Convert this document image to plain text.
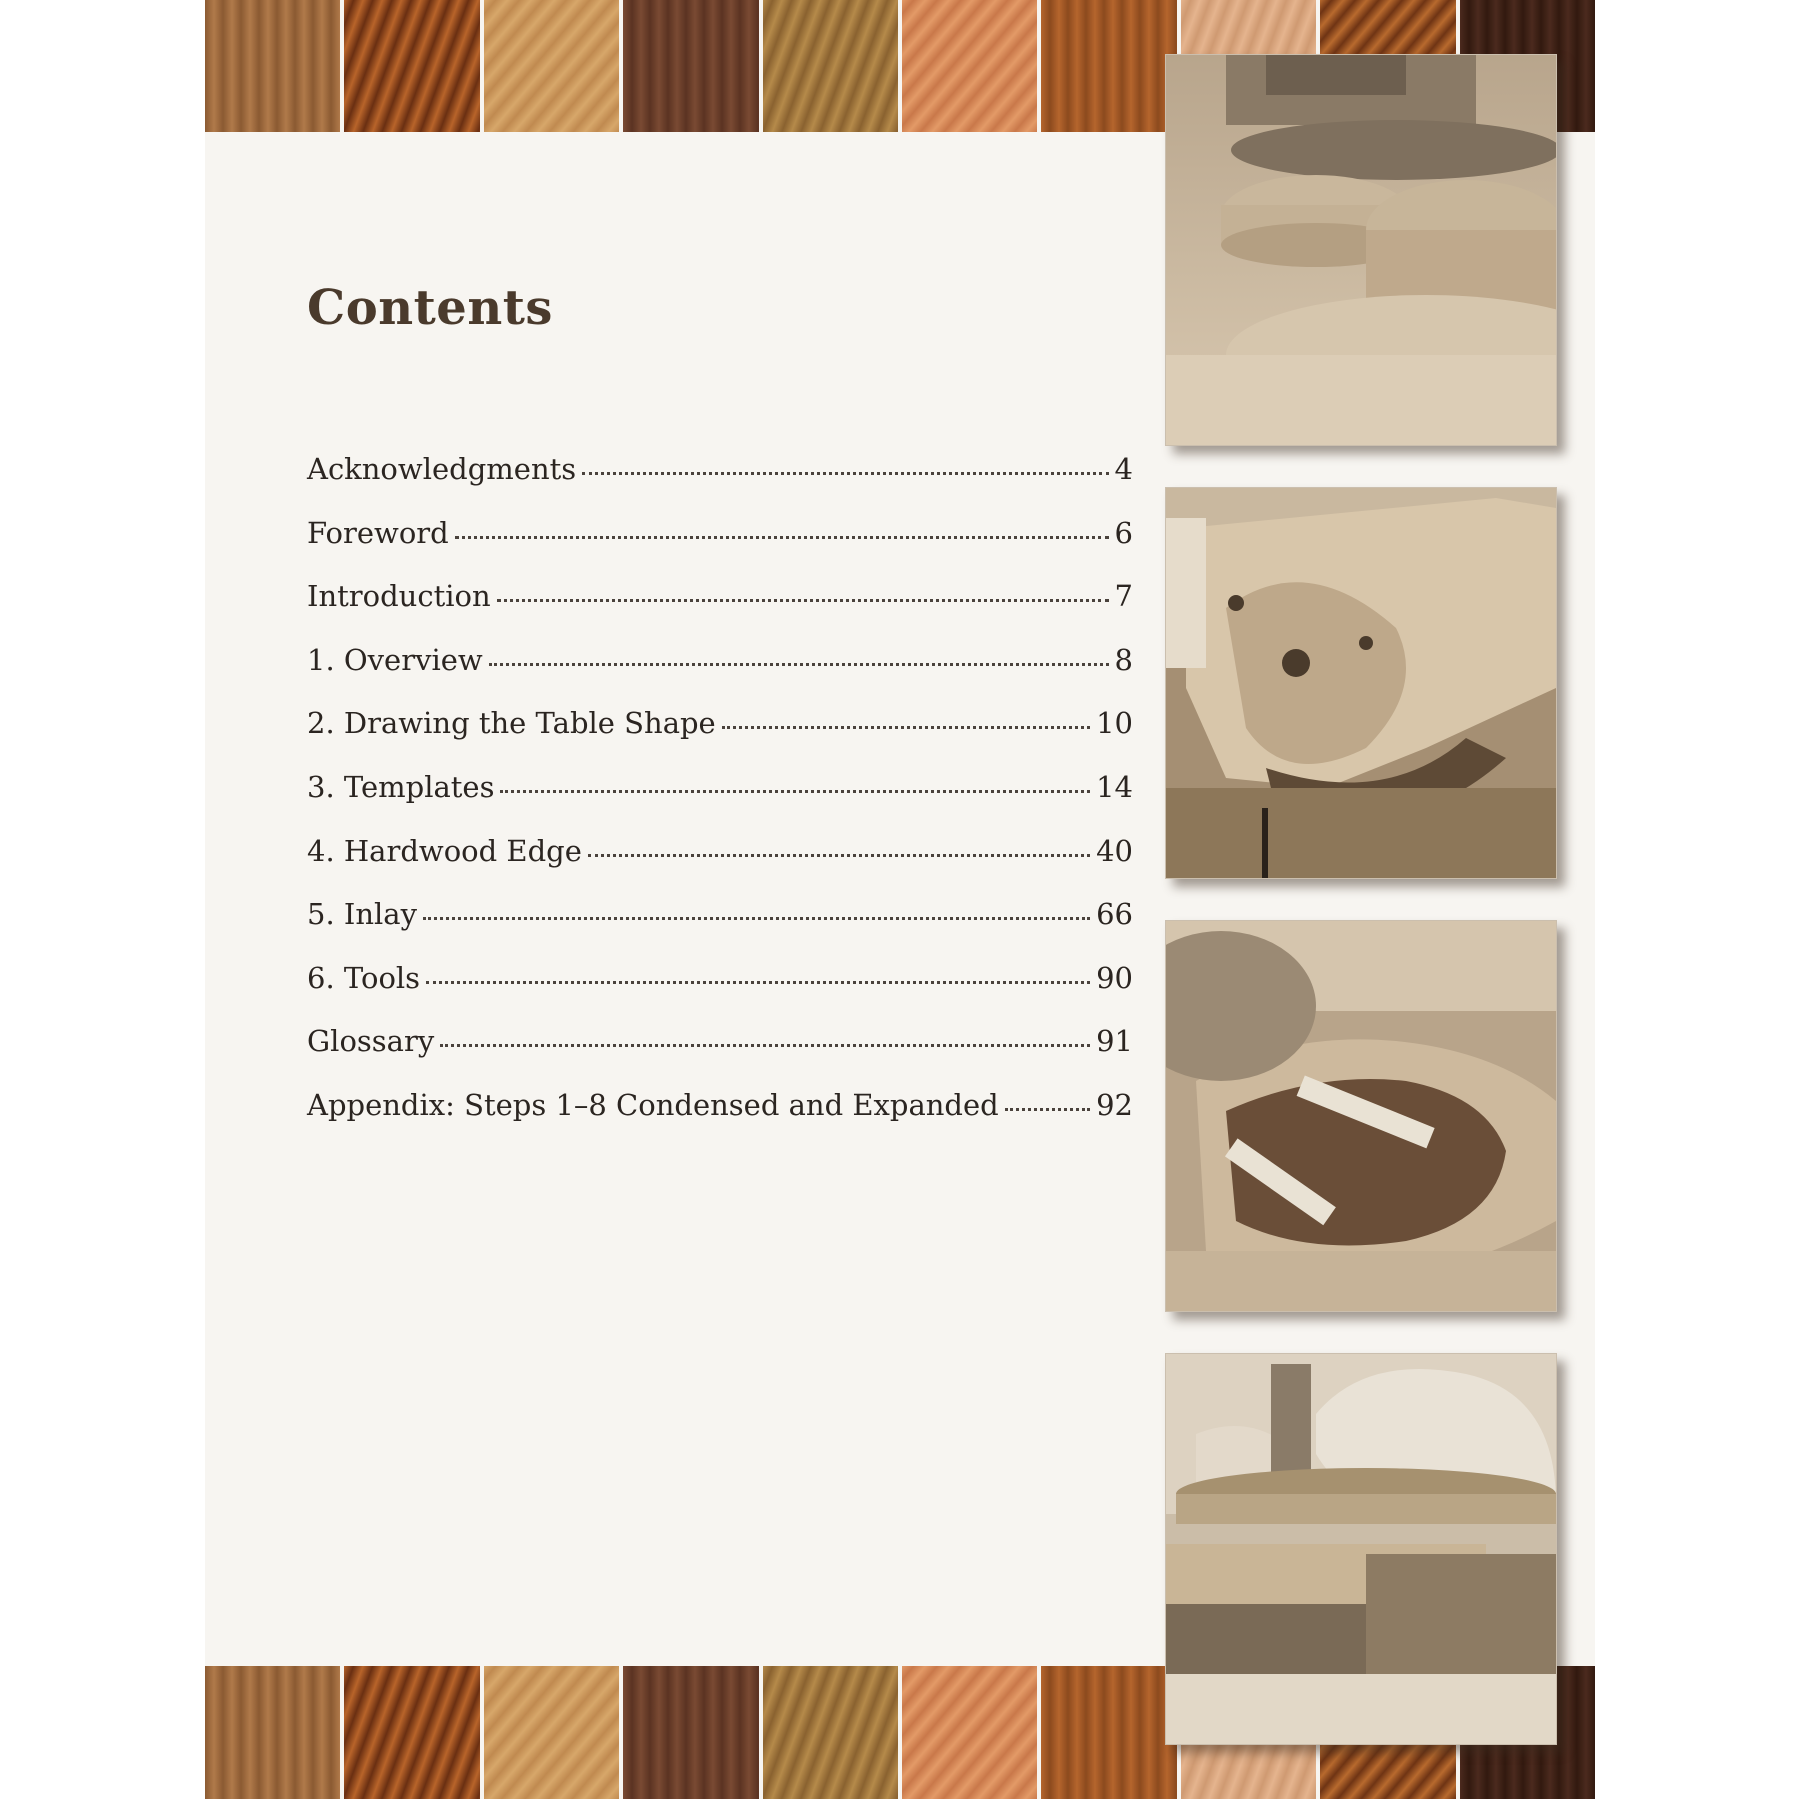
Contents
Acknowledgments	4
Foreword	6
Introduction	7
1. Overview	8
2. Drawing the Table Shape	10
3. Templates	14
4. Hardwood Edge	40
5. Inlay	66
6. Tools	90
Glossary	91
Appendix: Steps 1–8 Condensed and Expanded	92
